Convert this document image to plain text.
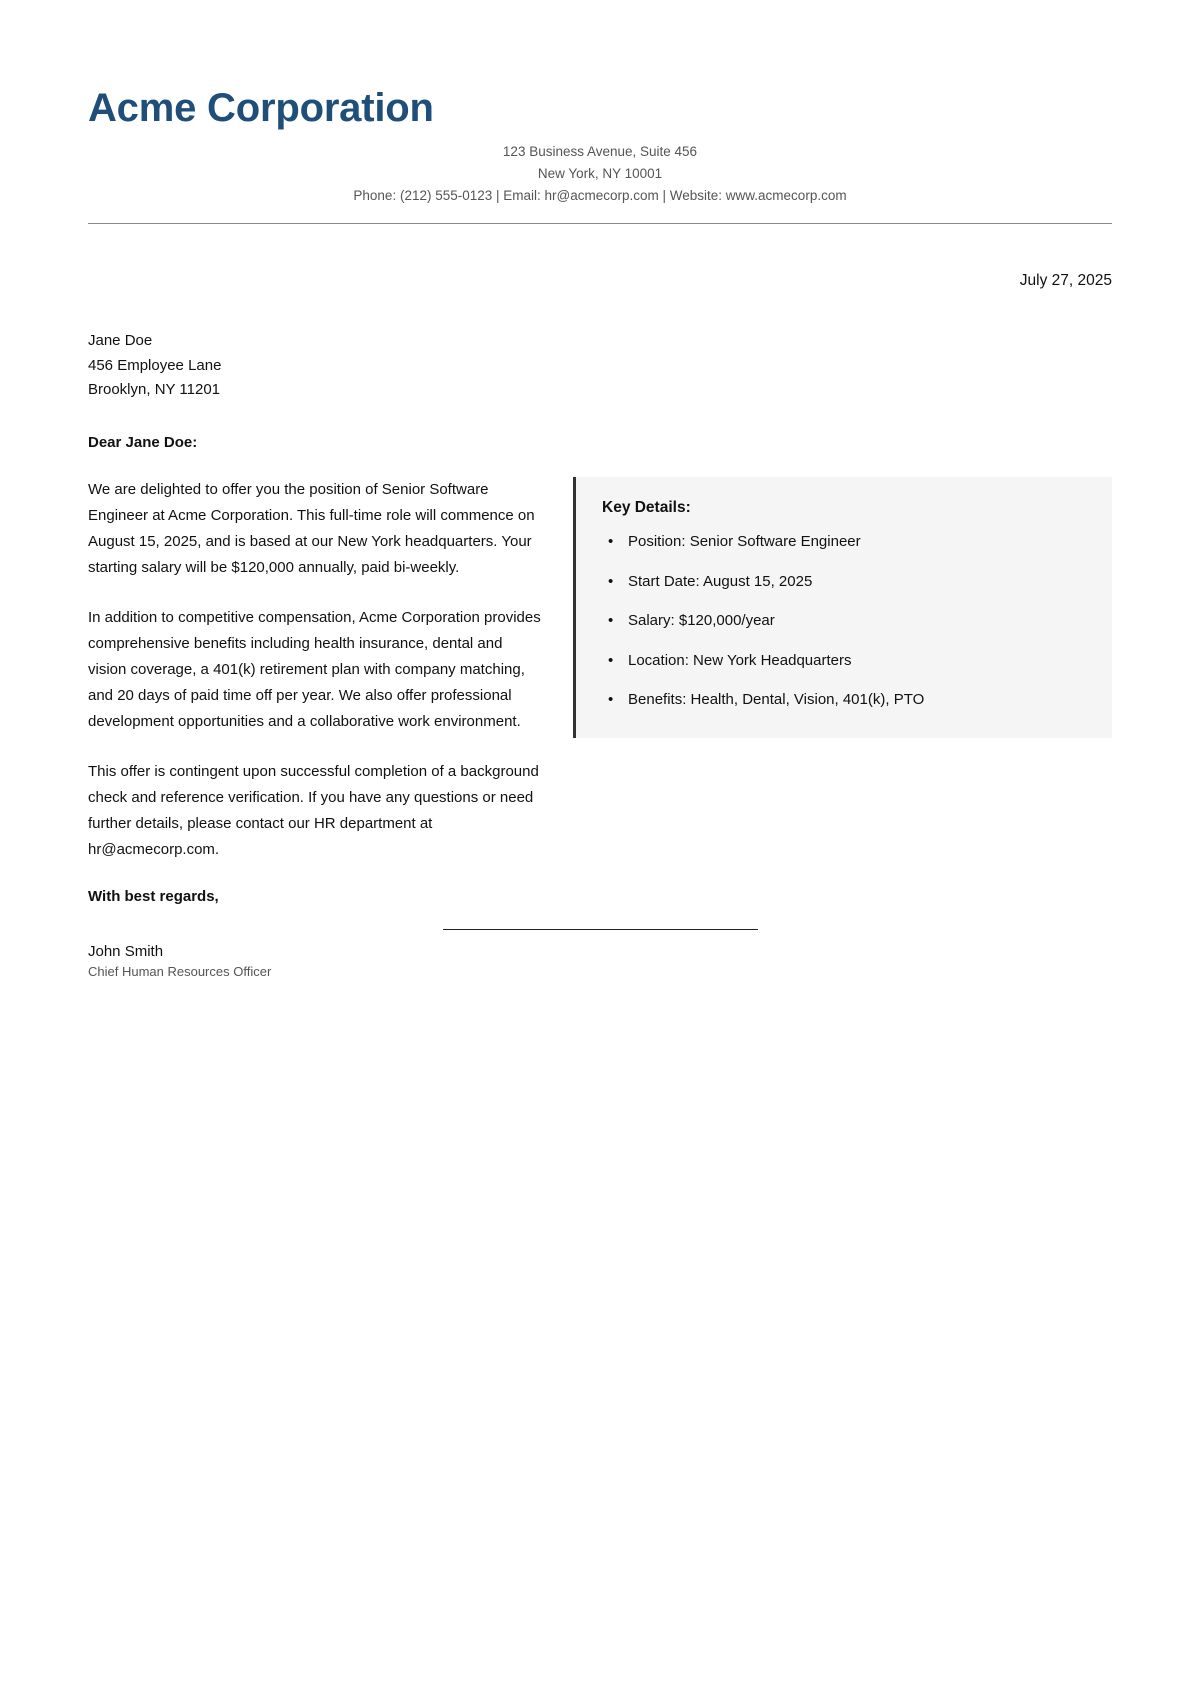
Acme Corporation
123 Business Avenue, Suite 456
New York, NY 10001
Phone: (212) 555-0123 | Email: hr@acmecorp.com | Website: www.acmecorp.com
July 27, 2025
Jane Doe
456 Employee Lane
Brooklyn, NY 11201
Dear Jane Doe:

We are delighted to offer you the position of Senior Software Engineer at Acme Corporation. This full-time role will commence on August 15, 2025, and is based at our New York headquarters. Your starting salary will be $120,000 annually, paid bi-weekly.

In addition to competitive compensation, Acme Corporation provides comprehensive benefits including health insurance, dental and vision coverage, a 401(k) retirement plan with company matching, and 20 days of paid time off per year. We also offer professional development opportunities and a collaborative work environment.

This offer is contingent upon successful completion of a background check and reference verification. If you have any questions or need further details, please contact our HR department at hr@acmecorp.com.

Key Details:
• Position: Senior Software Engineer
• Start Date: August 15, 2025
• Salary: $120,000/year
• Location: New York Headquarters
• Benefits: Health, Dental, Vision, 401(k), PTO
With best regards,
John Smith
Chief Human Resources Officer
